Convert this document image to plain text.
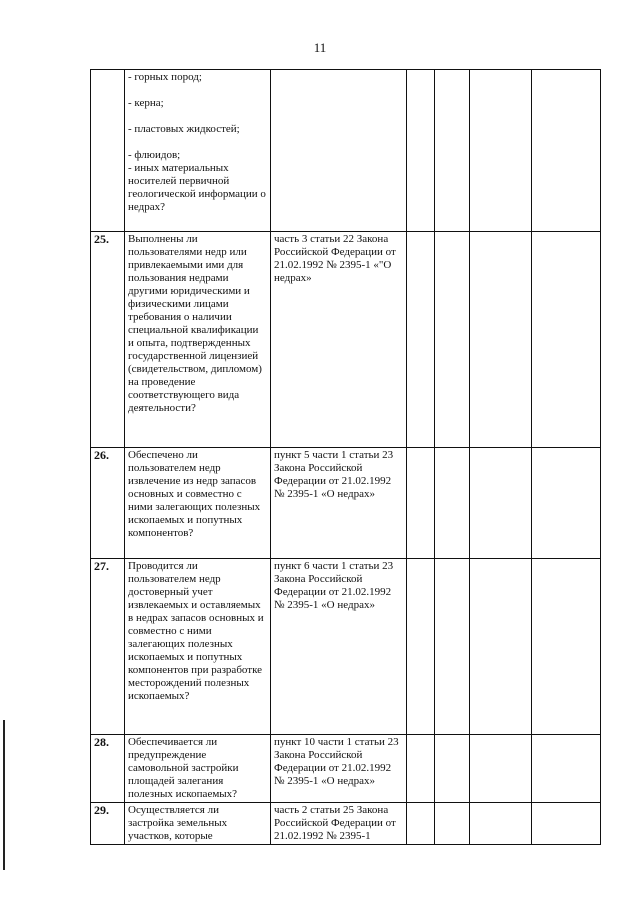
11

	- горных пород;
- керна;
- пластовых жидкостей;
- флюидов;
- иных материальных носителей первичной геологической информации о недрах?					

25.	Выполнены ли пользователями недр или привлекаемыми ими для пользования недрами другими юридическими и физическими лицами требования о наличии специальной квалификации и опыта, подтвержденных государственной лицензией (свидетельством, дипломом) на проведение соответствующего вида деятельности?	часть 3 статьи 22 Закона Российской Федерации от 21.02.1992 № 2395-1 «"О недрах»				
26.	Обеспечено ли пользователем недр извлечение из недр запасов основных и совместно с ними залегающих полезных ископаемых и попутных компонентов?	пункт 5 части 1 статьи 23 Закона Российской Федерации от 21.02.1992 № 2395-1 «О недрах»				
27.	Проводится ли пользователем недр достоверный учет извлекаемых и оставляемых в недрах запасов основных и совместно с ними залегающих полезных ископаемых и попутных компонентов при разработке месторождений полезных ископаемых?	пункт 6 части 1 статьи 23 Закона Российской Федерации от 21.02.1992 № 2395-1 «О недрах»				
28.	Обеспечивается ли предупреждение самовольной застройки площадей залегания полезных ископаемых?	пункт 10 части 1 статьи 23 Закона Российской Федерации от 21.02.1992 № 2395-1 «О недрах»				
29.	Осуществляется ли застройка земельных участков, которые	часть 2 статьи 25 Закона Российской Федерации от 21.02.1992 № 2395-1				
